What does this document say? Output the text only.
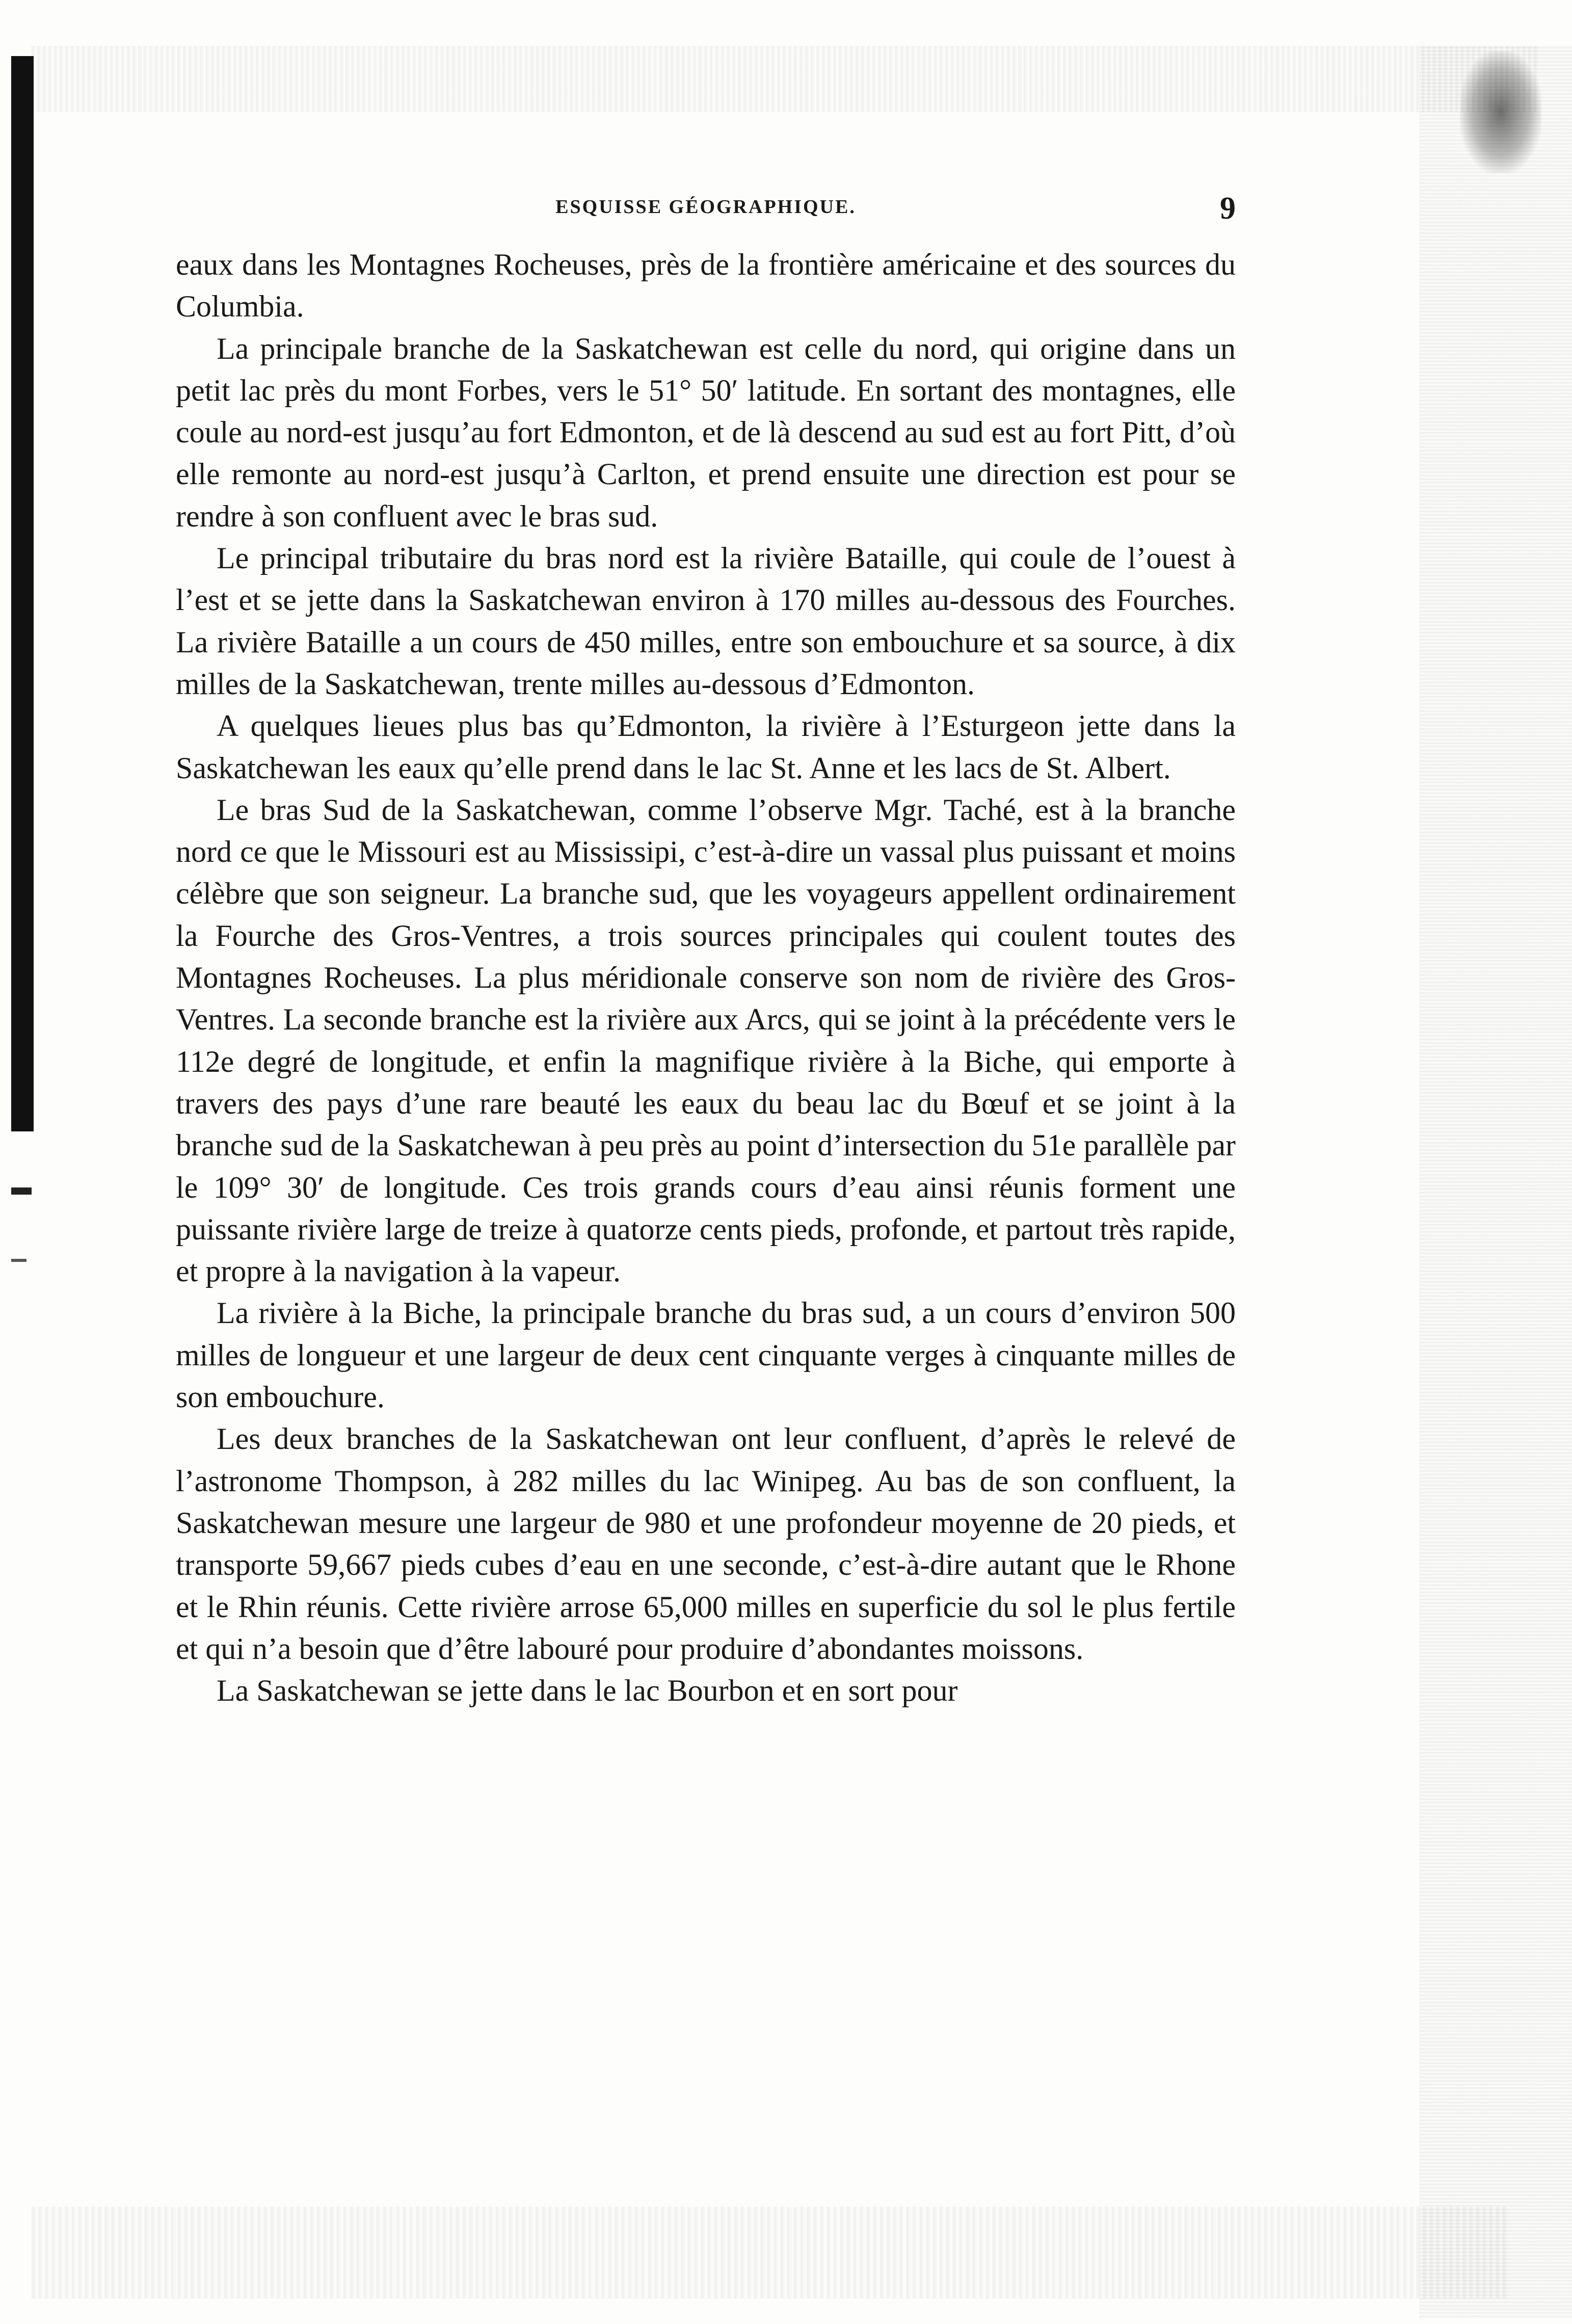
ESQUISSE GÉOGRAPHIQUE.	9

eaux dans les Montagnes Rocheuses, près de la frontière américaine et des sources du Columbia.

La principale branche de la Saskatchewan est celle du nord, qui origine dans un petit lac près du mont Forbes, vers le 51° 50′ latitude. En sortant des montagnes, elle coule au nord-est jusqu’au fort Edmonton, et de là descend au sud est au fort Pitt, d’où elle remonte au nord-est jusqu’à Carlton, et prend ensuite une direction est pour se rendre à son confluent avec le bras sud.

Le principal tributaire du bras nord est la rivière Bataille, qui coule de l’ouest à l’est et se jette dans la Saskatchewan environ à 170 milles au-dessous des Fourches. La rivière Bataille a un cours de 450 milles, entre son embouchure et sa source, à dix milles de la Saskatchewan, trente milles au-dessous d’Edmonton.

A quelques lieues plus bas qu’Edmonton, la rivière à l’Esturgeon jette dans la Saskatchewan les eaux qu’elle prend dans le lac St. Anne et les lacs de St. Albert.

Le bras Sud de la Saskatchewan, comme l’observe Mgr. Taché, est à la branche nord ce que le Missouri est au Mississipi, c’est-à-dire un vassal plus puissant et moins célèbre que son seigneur. La branche sud, que les voyageurs appellent ordinairement la Fourche des Gros-Ventres, a trois sources principales qui coulent toutes des Montagnes Rocheuses. La plus méridionale conserve son nom de rivière des Gros-Ventres. La seconde branche est la rivière aux Arcs, qui se joint à la précédente vers le 112e degré de longitude, et enfin la magnifique rivière à la Biche, qui emporte à travers des pays d’une rare beauté les eaux du beau lac du Bœuf et se joint à la branche sud de la Saskatchewan à peu près au point d’intersection du 51e parallèle par le 109° 30′ de longitude. Ces trois grands cours d’eau ainsi réunis forment une puissante rivière large de treize à quatorze cents pieds, profonde, et partout très rapide, et propre à la navigation à la vapeur.

La rivière à la Biche, la principale branche du bras sud, a un cours d’environ 500 milles de longueur et une largeur de deux cent cinquante verges à cinquante milles de son embouchure.

Les deux branches de la Saskatchewan ont leur confluent, d’après le relevé de l’astronome Thompson, à 282 milles du lac Winipeg. Au bas de son confluent, la Saskatchewan mesure une largeur de 980 et une profondeur moyenne de 20 pieds, et transporte 59,667 pieds cubes d’eau en une seconde, c’est-à-dire autant que le Rhone et le Rhin réunis. Cette rivière arrose 65,000 milles en superficie du sol le plus fertile et qui n’a besoin que d’être labouré pour produire d’abondantes moissons.

La Saskatchewan se jette dans le lac Bourbon et en sort pour
